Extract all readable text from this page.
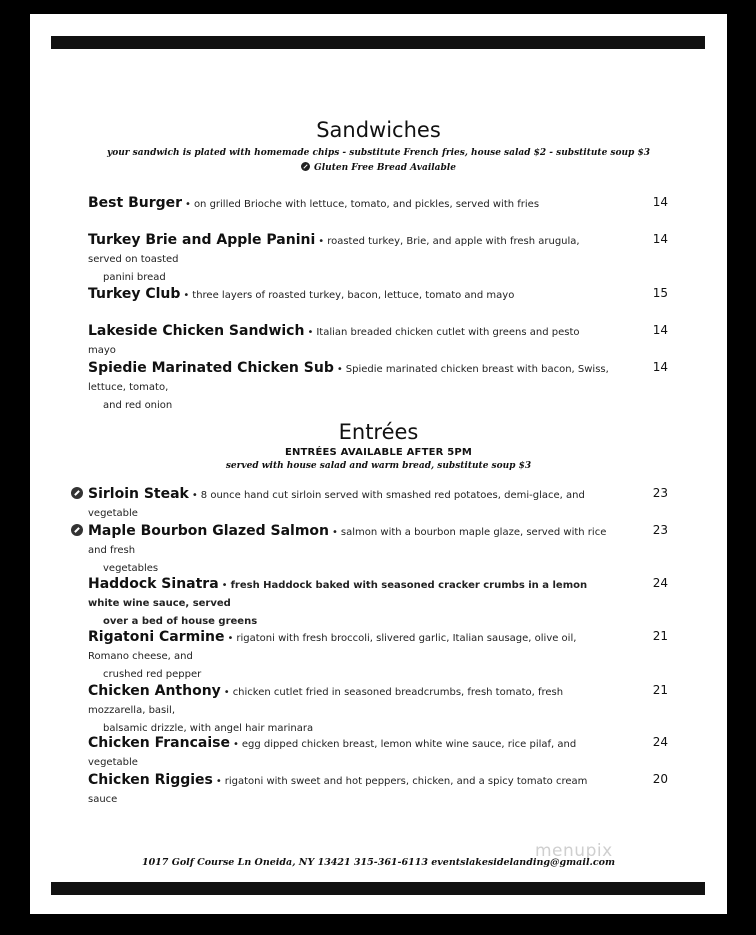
Sandwiches
your sandwich is plated with homemade chips - substitute French fries, house salad $2 - substitute soup $3
Gluten Free Bread Available
Best Burger • on grilled Brioche with lettuce, tomato, and pickles, served with fries	14
Turkey Brie and Apple Panini • roasted turkey, Brie, and apple with fresh arugula, served on toasted
panini bread
14
Turkey Club • three layers of roasted turkey, bacon, lettuce, tomato and mayo	15
Lakeside Chicken Sandwich • Italian breaded chicken cutlet with greens and pesto mayo
14
Spiedie Marinated Chicken Sub • Spiedie marinated chicken breast with bacon, Swiss, lettuce, tomato,
and red onion
14
Entrées
ENTRÉES AVAILABLE AFTER 5PM
served with house salad and warm bread, substitute soup $3
Sirloin Steak • 8 ounce hand cut sirloin served with smashed red potatoes, demi-glace, and vegetable
23
Maple Bourbon Glazed Salmon • salmon with a bourbon maple glaze, served with rice and fresh
vegetables
23
Haddock Sinatra • fresh Haddock baked with seasoned cracker crumbs in a lemon white wine sauce, served
over a bed of house greens
24
Rigatoni Carmine • rigatoni with fresh broccoli, slivered garlic, Italian sausage, olive oil, Romano cheese, and
crushed red pepper
21
Chicken Anthony • chicken cutlet fried in seasoned breadcrumbs, fresh tomato, fresh mozzarella, basil,
balsamic drizzle, with angel hair marinara
21
Chicken Francaise • egg dipped chicken breast, lemon white wine sauce, rice pilaf, and vegetable
24
Chicken Riggies • rigatoni with sweet and hot peppers, chicken, and a spicy tomato cream sauce
20
menupix
1017 Golf Course Ln Oneida, NY 13421 315-361-6113 eventslakesidelanding@gmail.com
